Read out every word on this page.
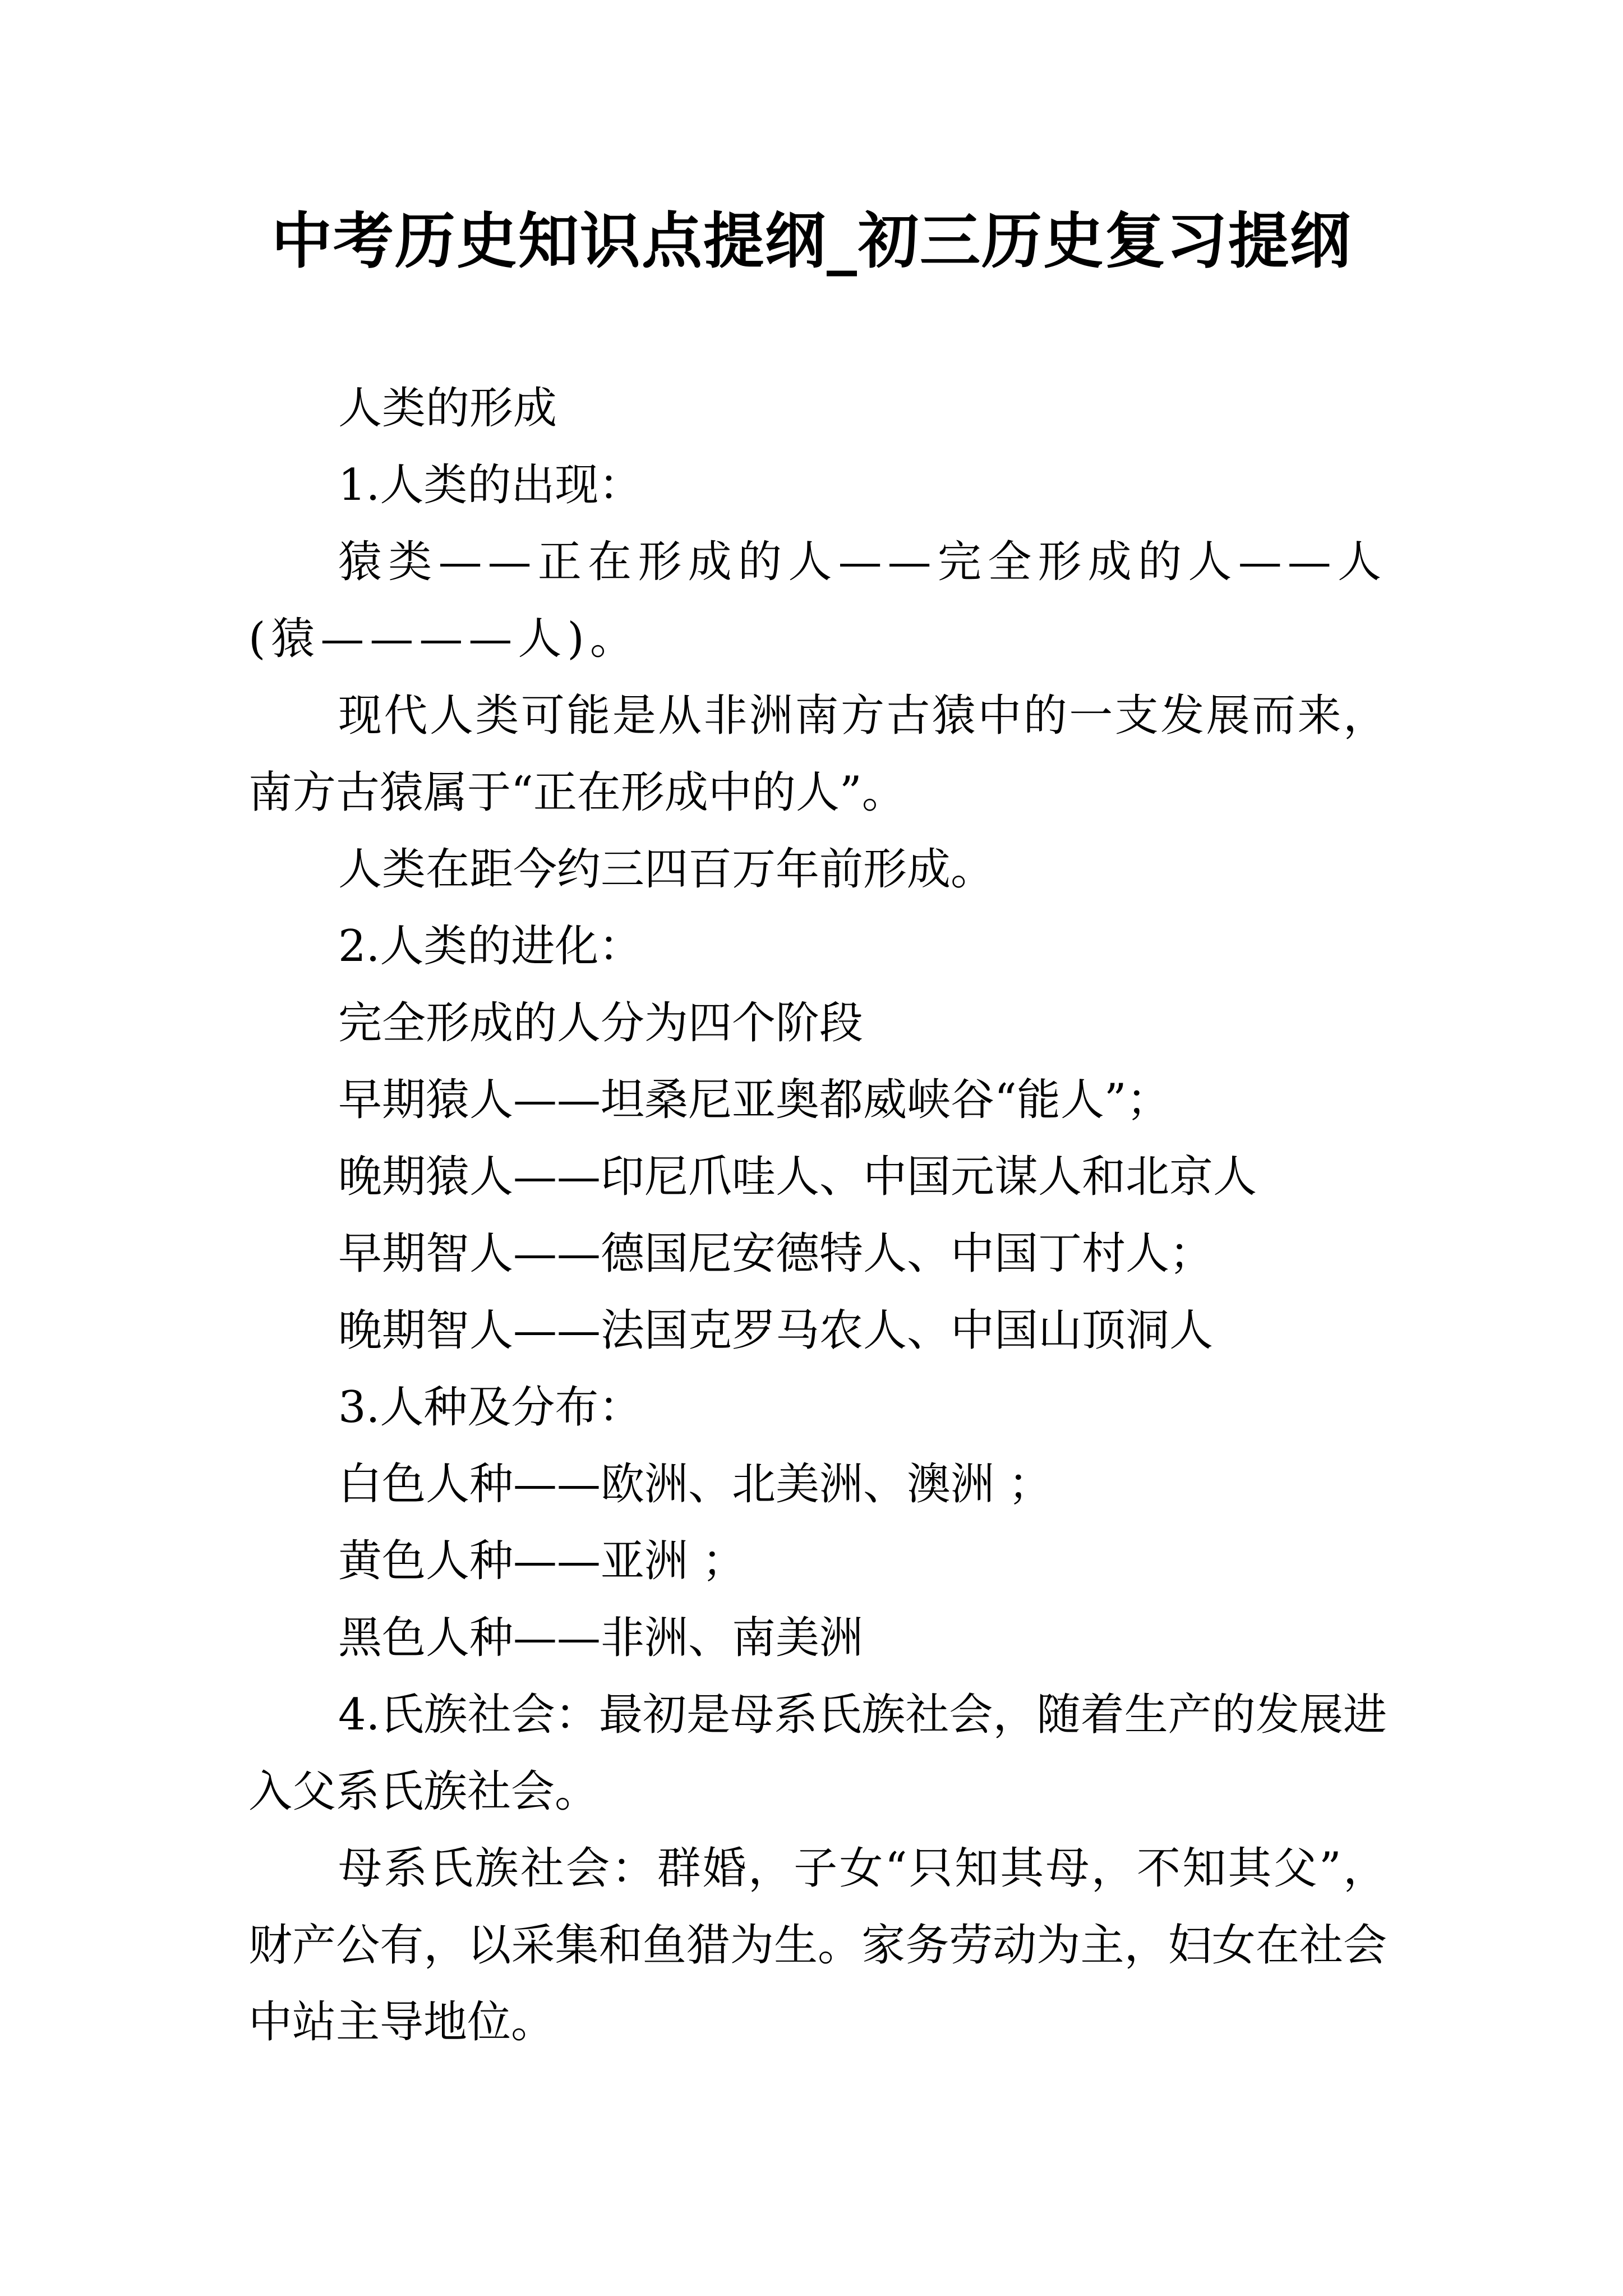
中考历史知识点提纲_初三历史复习提纲

人类的形成

1.人类的出现：

猿类——正在形成的人——完全形成的人——人(猿————人)。

现代人类可能是从非洲南方古猿中的一支发展而来，南方古猿属于“正在形成中的人”。

人类在距今约三四百万年前形成。

2.人类的进化：

完全形成的人分为四个阶段

早期猿人——坦桑尼亚奥都威峡谷“能人”；

晚期猿人——印尼爪哇人、中国元谋人和北京人

早期智人——德国尼安德特人、中国丁村人；

晚期智人——法国克罗马农人、中国山顶洞人

3.人种及分布：

白色人种——欧洲、北美洲、澳洲 ；

黄色人种——亚洲 ；

黑色人种——非洲、南美洲

4.氏族社会：最初是母系氏族社会，随着生产的发展进入父系氏族社会。

母系氏族社会：群婚，子女“只知其母，不知其父”，财产公有，以采集和鱼猎为生。家务劳动为主，妇女在社会中站主导地位。
